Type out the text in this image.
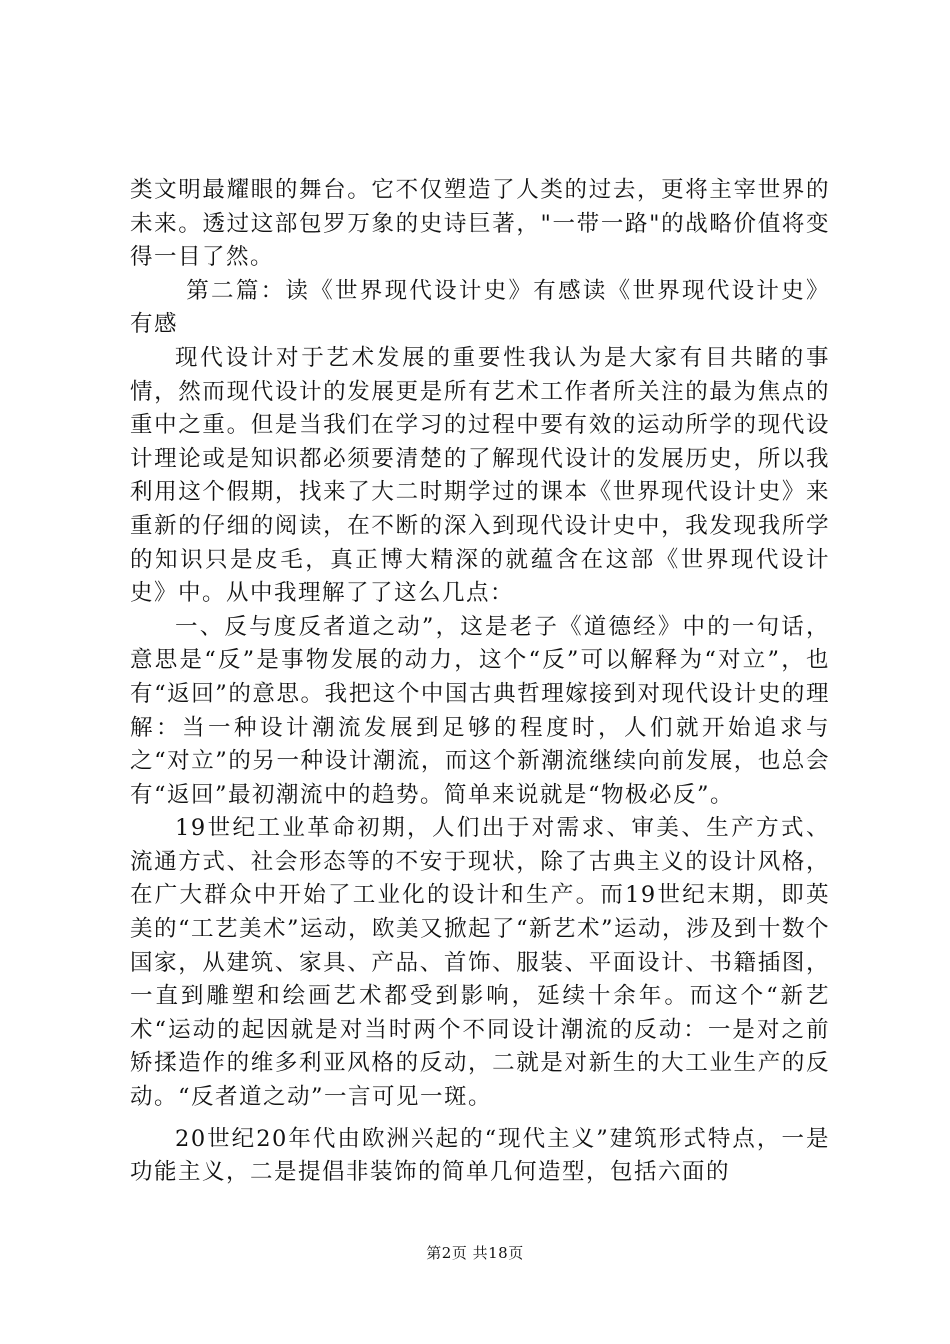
类文明最耀眼的舞台。它不仅塑造了人类的过去，更将主宰世界的未来。透过这部包罗万象的史诗巨著，"一带一路"的战略价值将变得一目了然。

第二篇：读《世界现代设计史》有感读《世界现代设计史》有感

现代设计对于艺术发展的重要性我认为是大家有目共睹的事情，然而现代设计的发展更是所有艺术工作者所关注的最为焦点的重中之重。但是当我们在学习的过程中要有效的运动所学的现代设计理论或是知识都必须要清楚的了解现代设计的发展历史，所以我利用这个假期，找来了大二时期学过的课本《世界现代设计史》来重新的仔细的阅读，在不断的深入到现代设计史中，我发现我所学的知识只是皮毛，真正博大精深的就蕴含在这部《世界现代设计史》中。从中我理解了了这么几点：

一、反与度反者道之动”，这是老子《道德经》中的一句话，意思是“反”是事物发展的动力，这个“反”可以解释为“对立”，也有“返回”的意思。我把这个中国古典哲理嫁接到对现代设计史的理解：当一种设计潮流发展到足够的程度时，人们就开始追求与之“对立”的另一种设计潮流，而这个新潮流继续向前发展，也总会有“返回”最初潮流中的趋势。简单来说就是“物极必反”。

19世纪工业革命初期，人们出于对需求、审美、生产方式、流通方式、社会形态等的不安于现状，除了古典主义的设计风格，在广大群众中开始了工业化的设计和生产。而19世纪末期，即英美的“工艺美术”运动，欧美又掀起了“新艺术”运动，涉及到十数个国家，从建筑、家具、产品、首饰、服装、平面设计、书籍插图，一直到雕塑和绘画艺术都受到影响，延续十余年。而这个“新艺术“运动的起因就是对当时两个不同设计潮流的反动：一是对之前矫揉造作的维多利亚风格的反动，二就是对新生的大工业生产的反动。“反者道之动”一言可见一斑。

20世纪20年代由欧洲兴起的“现代主义”建筑形式特点，一是功能主义，二是提倡非装饰的简单几何造型，包括六面的

第2页 共18页
